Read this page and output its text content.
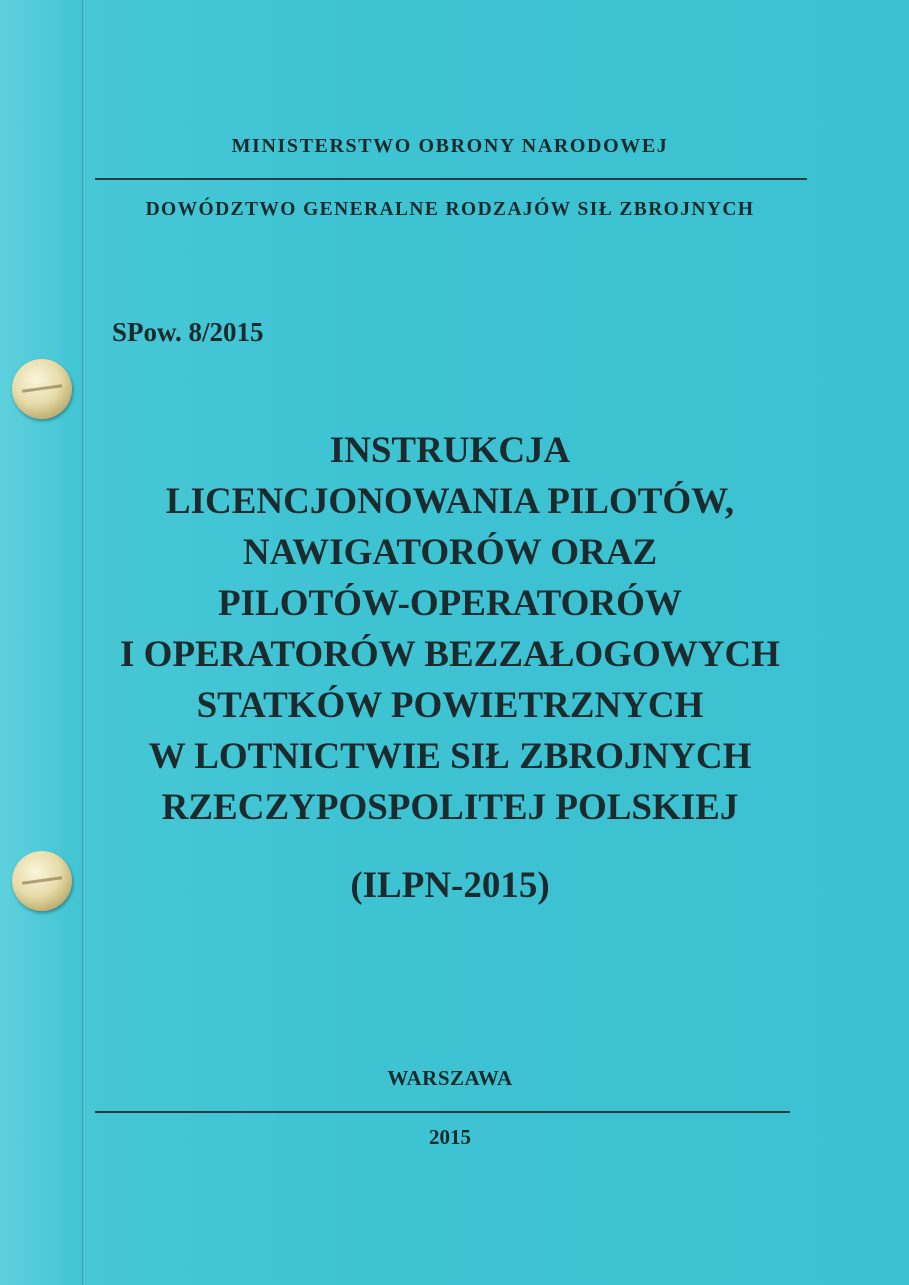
MINISTERSTWO OBRONY NARODOWEJ
DOWÓDZTWO GENERALNE RODZAJÓW SIŁ ZBROJNYCH
SPow. 8/2015
INSTRUKCJA
LICENCJONOWANIA PILOTÓW,
NAWIGATORÓW ORAZ
PILOTÓW-OPERATORÓW
I OPERATORÓW BEZZAŁOGOWYCH
STATKÓW POWIETRZNYCH
W LOTNICTWIE SIŁ ZBROJNYCH
RZECZYPOSPOLITEJ POLSKIEJ
(ILPN-2015)
WARSZAWA
2015
